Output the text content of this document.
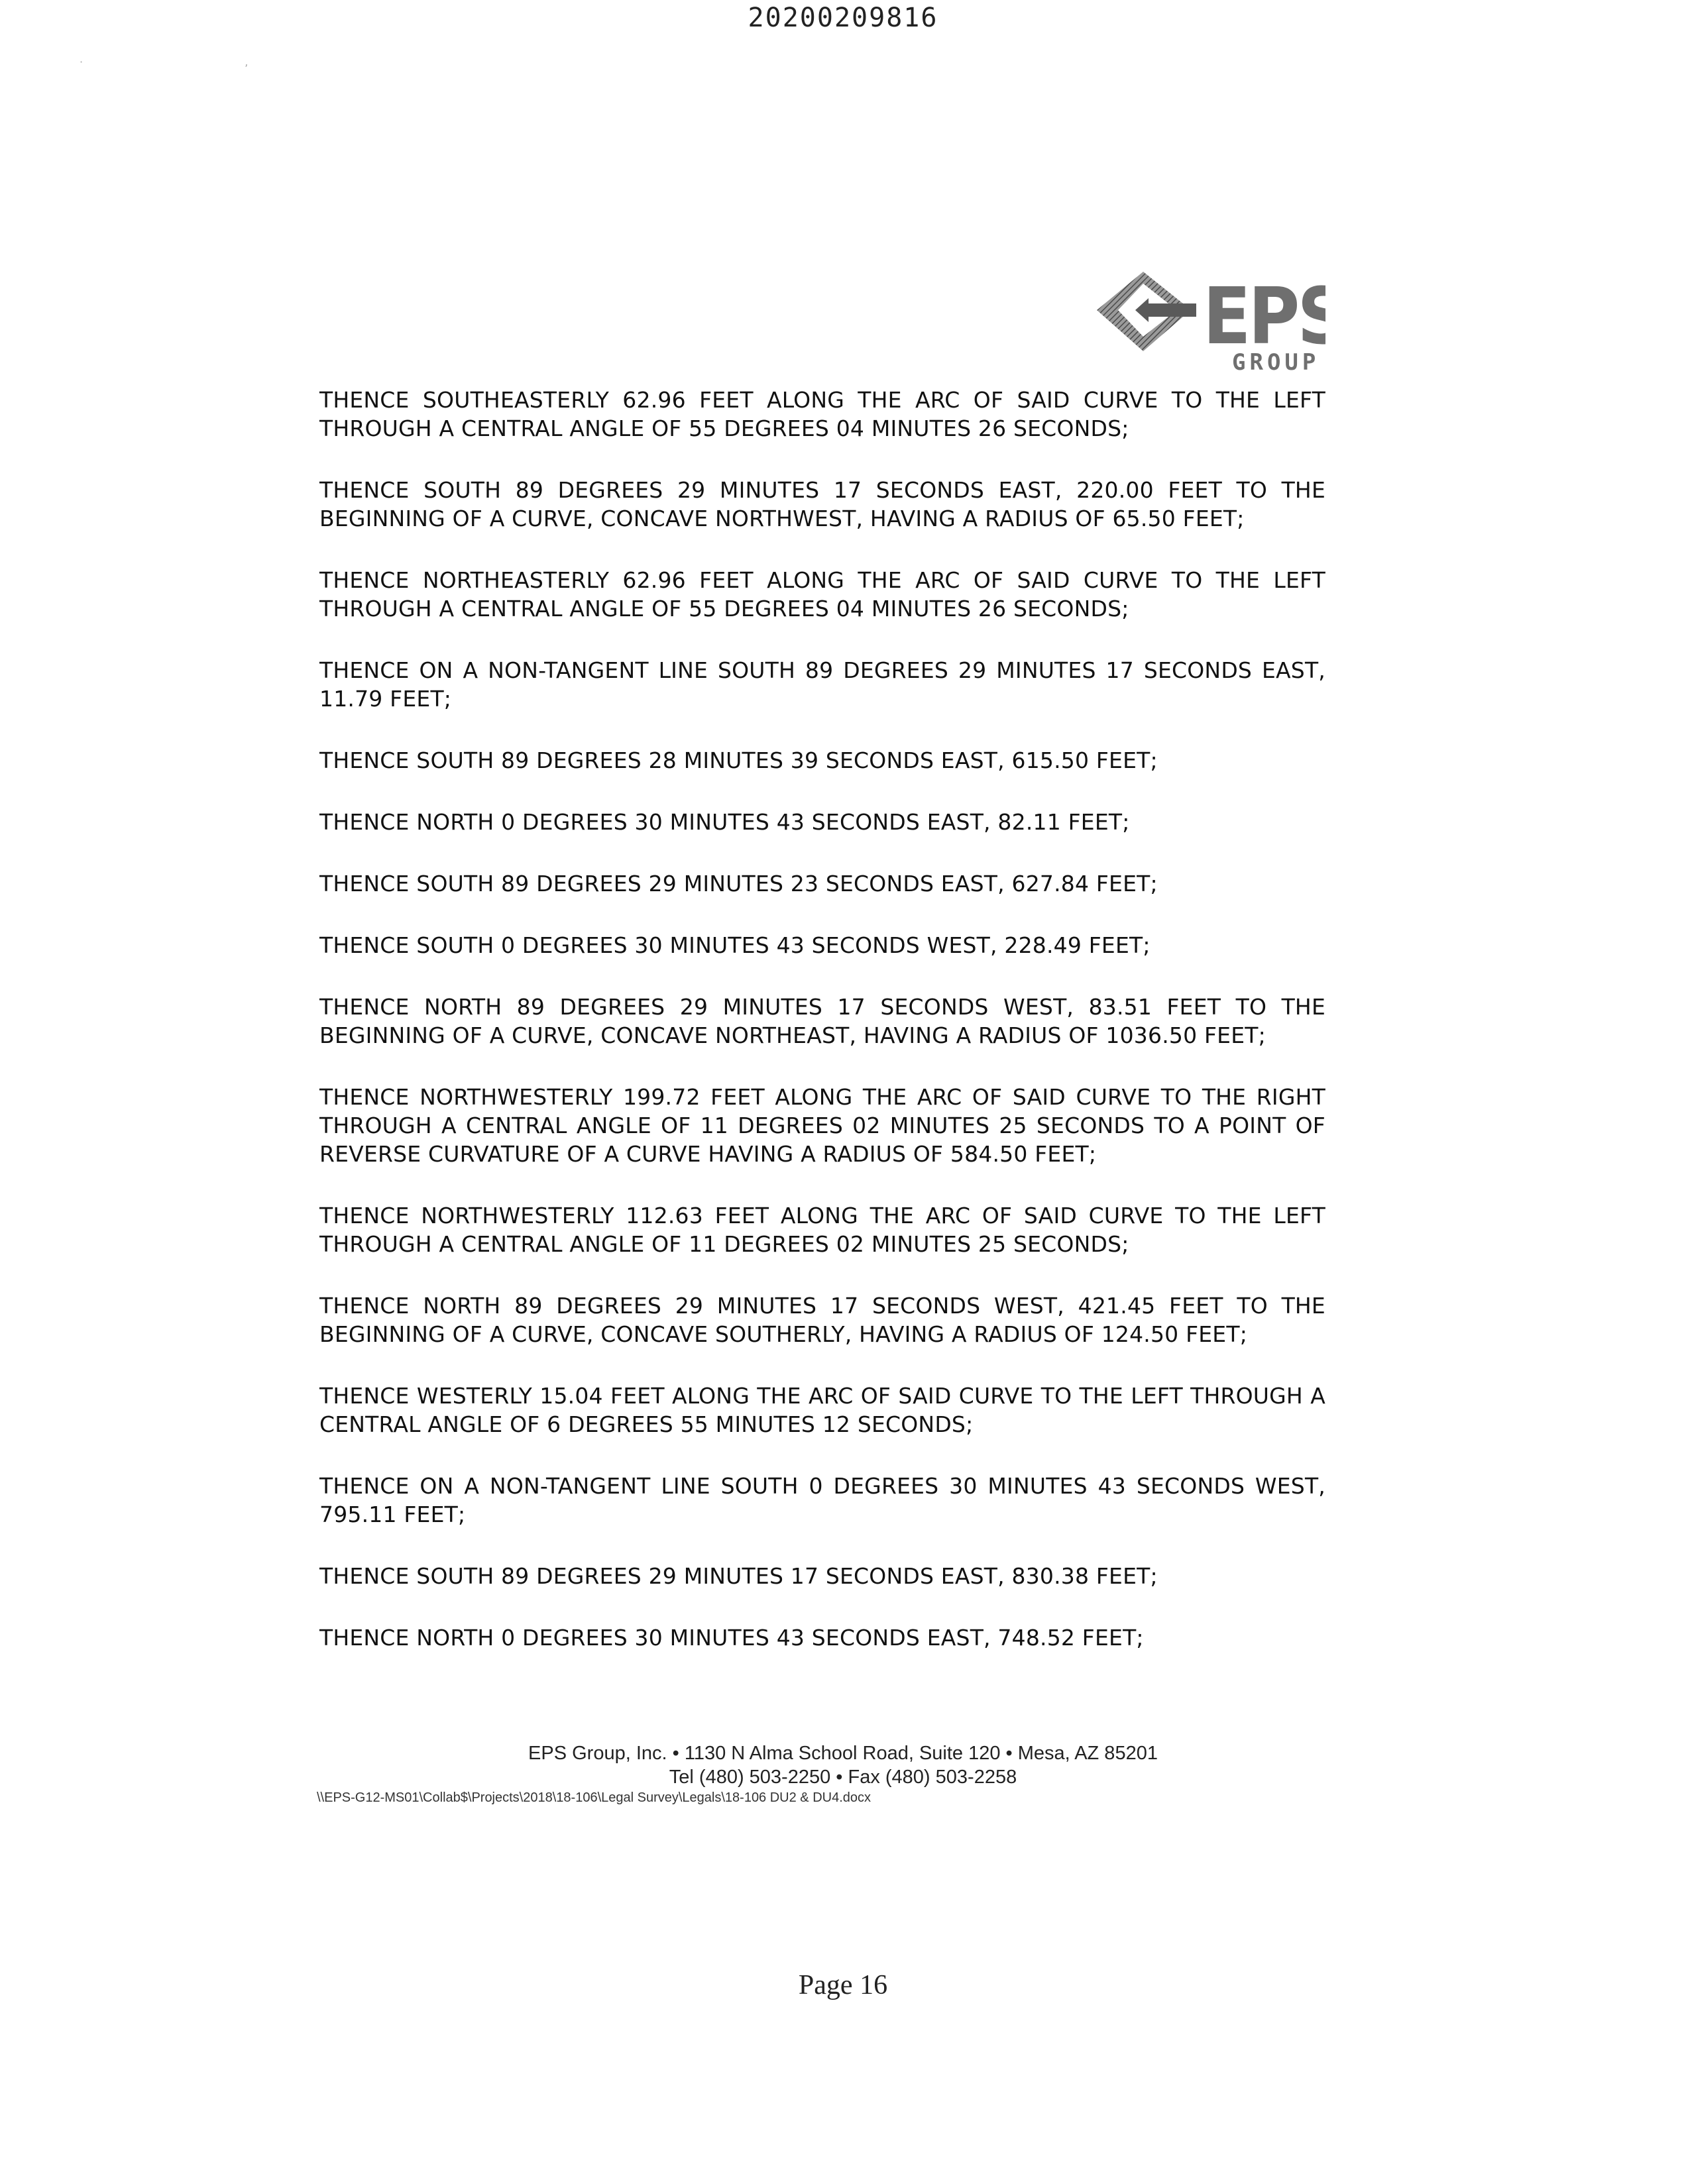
20200209816
·                                                ,
EPS
GROUP

THENCE SOUTHEASTERLY 62.96 FEET ALONG THE ARC OF SAID CURVE TO THE LEFT THROUGH A CENTRAL ANGLE OF 55 DEGREES 04 MINUTES 26 SECONDS;

THENCE SOUTH 89 DEGREES 29 MINUTES 17 SECONDS EAST, 220.00 FEET TO THE BEGINNING OF A CURVE, CONCAVE NORTHWEST, HAVING A RADIUS OF 65.50 FEET;

THENCE NORTHEASTERLY 62.96 FEET ALONG THE ARC OF SAID CURVE TO THE LEFT THROUGH A CENTRAL ANGLE OF 55 DEGREES 04 MINUTES 26 SECONDS;

THENCE ON A NON-TANGENT LINE SOUTH 89 DEGREES 29 MINUTES 17 SECONDS EAST, 11.79 FEET;

THENCE SOUTH 89 DEGREES 28 MINUTES 39 SECONDS EAST, 615.50 FEET;

THENCE NORTH 0 DEGREES 30 MINUTES 43 SECONDS EAST, 82.11 FEET;

THENCE SOUTH 89 DEGREES 29 MINUTES 23 SECONDS EAST, 627.84 FEET;

THENCE SOUTH 0 DEGREES 30 MINUTES 43 SECONDS WEST, 228.49 FEET;

THENCE NORTH 89 DEGREES 29 MINUTES 17 SECONDS WEST, 83.51 FEET TO THE BEGINNING OF A CURVE, CONCAVE NORTHEAST, HAVING A RADIUS OF 1036.50 FEET;

THENCE NORTHWESTERLY 199.72 FEET ALONG THE ARC OF SAID CURVE TO THE RIGHT THROUGH A CENTRAL ANGLE OF 11 DEGREES 02 MINUTES 25 SECONDS TO A POINT OF REVERSE CURVATURE OF A CURVE HAVING A RADIUS OF 584.50 FEET;

THENCE NORTHWESTERLY 112.63 FEET ALONG THE ARC OF SAID CURVE TO THE LEFT THROUGH A CENTRAL ANGLE OF 11 DEGREES 02 MINUTES 25 SECONDS;

THENCE NORTH 89 DEGREES 29 MINUTES 17 SECONDS WEST, 421.45 FEET TO THE BEGINNING OF A CURVE, CONCAVE SOUTHERLY, HAVING A RADIUS OF 124.50 FEET;

THENCE WESTERLY 15.04 FEET ALONG THE ARC OF SAID CURVE TO THE LEFT THROUGH A CENTRAL ANGLE OF 6 DEGREES 55 MINUTES 12 SECONDS;

THENCE ON A NON-TANGENT LINE SOUTH 0 DEGREES 30 MINUTES 43 SECONDS WEST, 795.11 FEET;

THENCE SOUTH 89 DEGREES 29 MINUTES 17 SECONDS EAST, 830.38 FEET;

THENCE NORTH 0 DEGREES 30 MINUTES 43 SECONDS EAST, 748.52 FEET;

EPS Group, Inc. • 1130 N Alma School Road, Suite 120 • Mesa, AZ 85201
Tel (480) 503-2250 • Fax (480) 503-2258
\\EPS-G12-MS01\Collab$\Projects\2018\18-106\Legal Survey\Legals\18-106 DU2 & DU4.docx
Page 16
